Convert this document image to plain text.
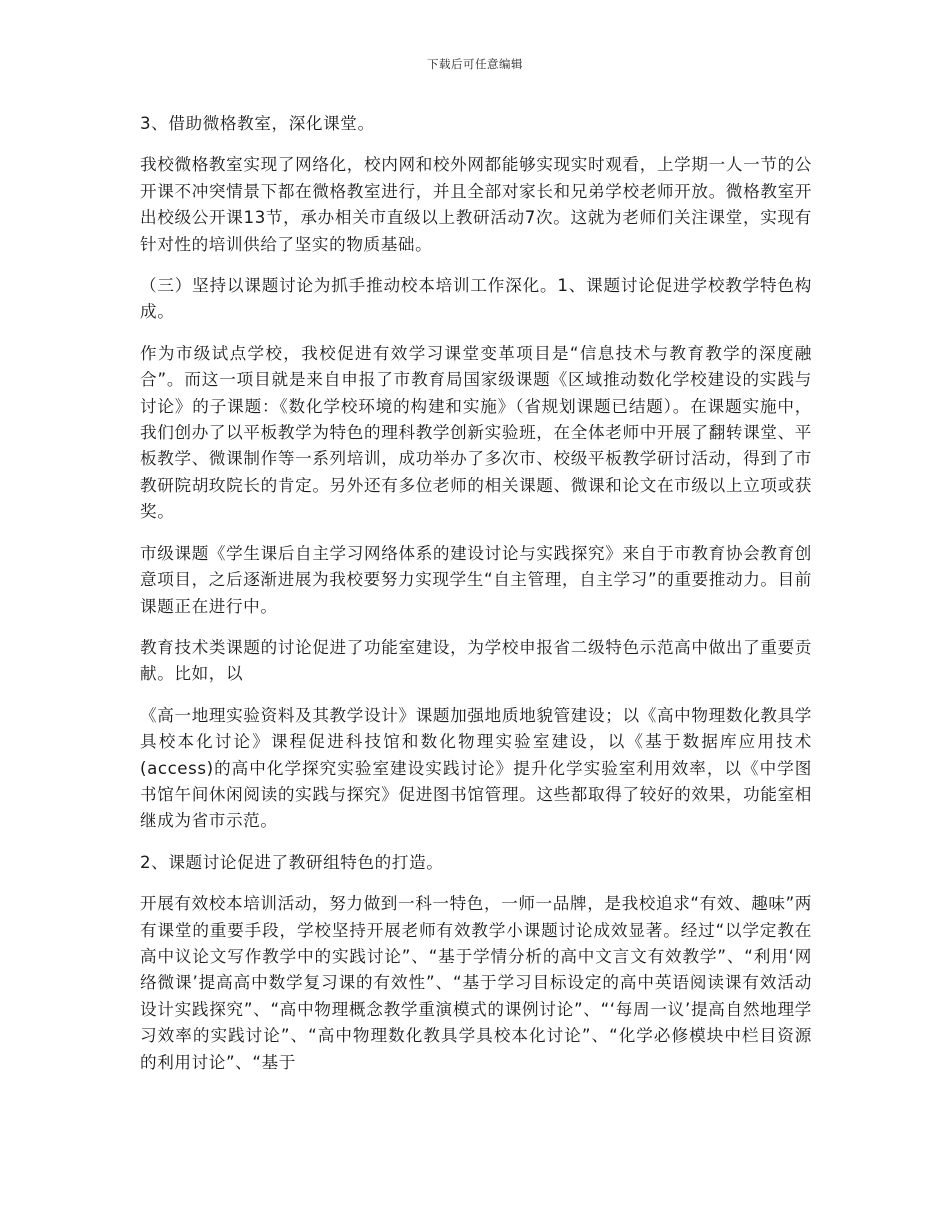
下载后可任意编辑

3、借助微格教室，深化课堂。

我校微格教室实现了网络化，校内网和校外网都能够实现实时观看，上学期一人一节的公开课不冲突情景下都在微格教室进行，并且全部对家长和兄弟学校老师开放。微格教室开出校级公开课13节，承办相关市直级以上教研活动7次。这就为老师们关注课堂，实现有针对性的培训供给了坚实的物质基础。

（三）坚持以课题讨论为抓手推动校本培训工作深化。1、课题讨论促进学校教学特色构成。

作为市级试点学校，我校促进有效学习课堂变革项目是“信息技术与教育教学的深度融合”。而这一项目就是来自申报了市教育局国家级课题《区域推动数化学校建设的实践与讨论》的子课题：《数化学校环境的构建和实施》（省规划课题已结题）。在课题实施中，我们创办了以平板教学为特色的理科教学创新实验班，在全体老师中开展了翻转课堂、平板教学、微课制作等一系列培训，成功举办了多次市、校级平板教学研讨活动，得到了市教研院胡玫院长的肯定。另外还有多位老师的相关课题、微课和论文在市级以上立项或获奖。

市级课题《学生课后自主学习网络体系的建设讨论与实践探究》来自于市教育协会教育创意项目，之后逐渐进展为我校要努力实现学生“自主管理，自主学习”的重要推动力。目前课题正在进行中。

教育技术类课题的讨论促进了功能室建设，为学校申报省二级特色示范高中做出了重要贡献。比如，以

《高一地理实验资料及其教学设计》课题加强地质地貌管建设；以《高中物理数化教具学具校本化讨论》课程促进科技馆和数化物理实验室建设，以《基于数据库应用技术(access)的高中化学探究实验室建设实践讨论》提升化学实验室利用效率，以《中学图书馆午间休闲阅读的实践与探究》促进图书馆管理。这些都取得了较好的效果，功能室相继成为省市示范。

2、课题讨论促进了教研组特色的打造。

开展有效校本培训活动，努力做到一科一特色，一师一品牌，是我校追求“有效、趣味”两有课堂的重要手段，学校坚持开展老师有效教学小课题讨论成效显著。经过“以学定教在高中议论文写作教学中的实践讨论”、“基于学情分析的高中文言文有效教学”、“利用‘网络微课’提高高中数学复习课的有效性”、“基于学习目标设定的高中英语阅读课有效活动设计实践探究”、“高中物理概念教学重演模式的课例讨论”、“‘每周一议’提高自然地理学习效率的实践讨论”、“高中物理数化教具学具校本化讨论”、“化学必修模块中栏目资源的利用讨论”、“基于
